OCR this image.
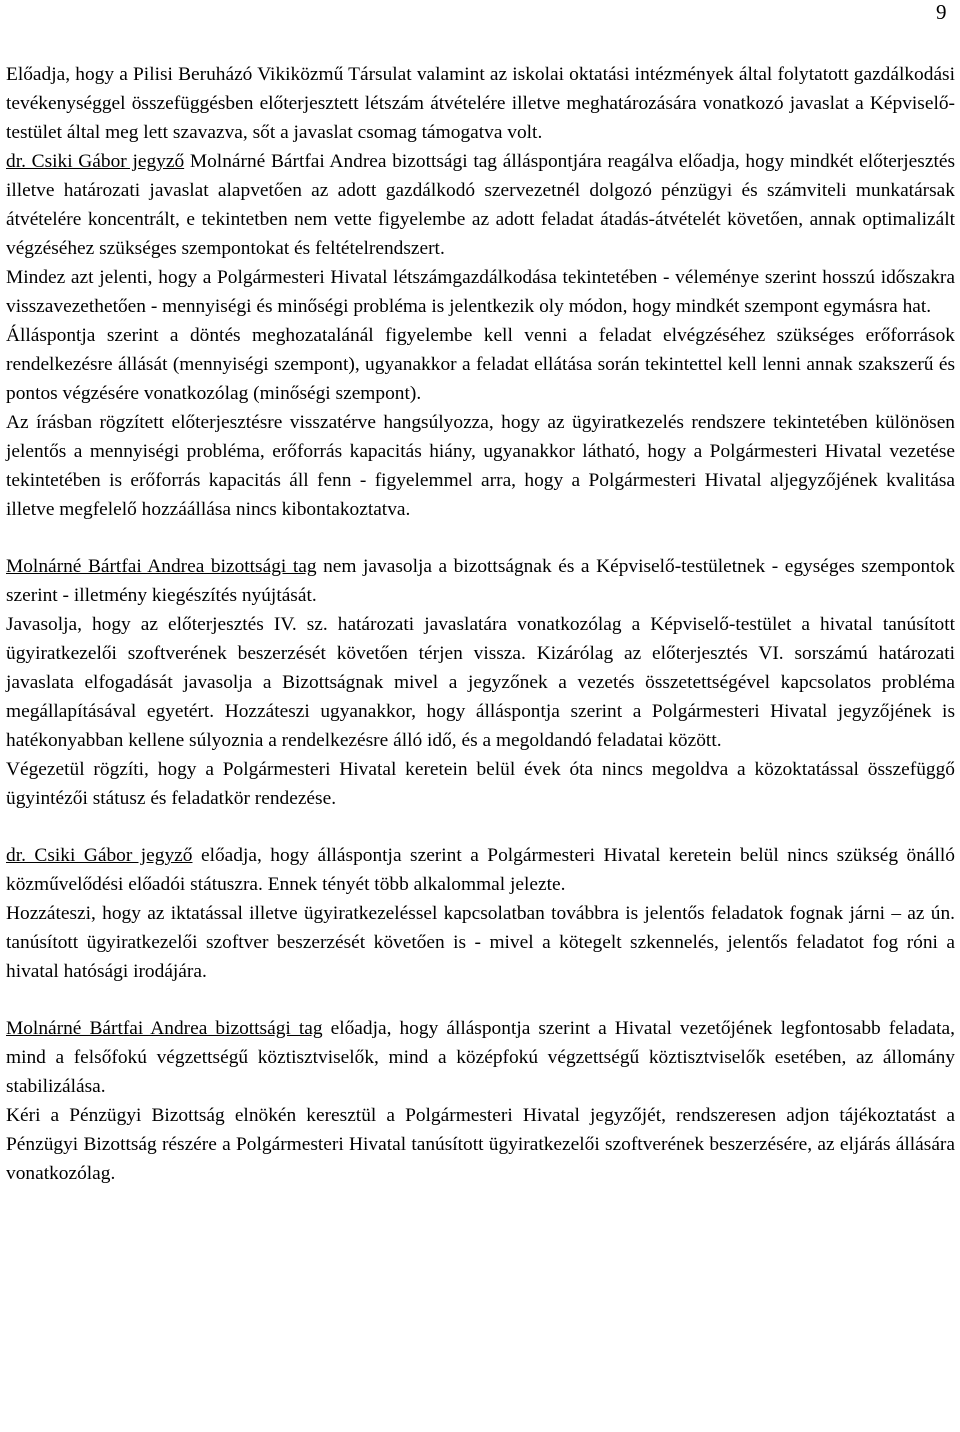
9

Előadja, hogy a Pilisi Beruházó Vikiközmű Társulat valamint az iskolai oktatási intézmények által folytatott gazdálkodási tevékenységgel összefüggésben előterjesztett létszám átvételére illetve meghatározására vonatkozó javaslat a Képviselő-testület által meg lett szavazva, sőt a javaslat csomag támogatva volt.

dr. Csiki Gábor jegyző Molnárné Bártfai Andrea bizottsági tag álláspontjára reagálva előadja, hogy mindkét előterjesztés illetve határozati javaslat alapvetően az adott gazdálkodó szervezetnél dolgozó pénzügyi és számviteli munkatársak átvételére koncentrált, e tekintetben nem vette figyelembe az adott feladat átadás-átvételét követően, annak optimalizált végzéséhez szükséges szempontokat és feltételrendszert.

Mindez azt jelenti, hogy a Polgármesteri Hivatal létszámgazdálkodása tekintetében - véleménye szerint hosszú időszakra visszavezethetően - mennyiségi és minőségi probléma is jelentkezik oly módon, hogy mindkét szempont egymásra hat.

Álláspontja szerint a döntés meghozatalánál figyelembe kell venni a feladat elvégzéséhez szükséges erőforrások rendelkezésre állását (mennyiségi szempont), ugyanakkor a feladat ellátása során tekintettel kell lenni annak szakszerű és pontos végzésére vonatkozólag (minőségi szempont).

Az írásban rögzített előterjesztésre visszatérve hangsúlyozza, hogy az ügyiratkezelés rendszere tekintetében különösen jelentős a mennyiségi probléma, erőforrás kapacitás hiány, ugyanakkor látható, hogy a Polgármesteri Hivatal vezetése tekintetében is erőforrás kapacitás áll fenn - figyelemmel arra, hogy a Polgármesteri Hivatal aljegyzőjének kvalitása illetve megfelelő hozzáállása nincs kibontakoztatva.

Molnárné Bártfai Andrea bizottsági tag nem javasolja a bizottságnak és a Képviselő-testületnek - egységes szempontok szerint - illetmény kiegészítés nyújtását.

Javasolja, hogy az előterjesztés IV. sz. határozati javaslatára vonatkozólag a Képviselő-testület a hivatal tanúsított ügyiratkezelői szoftverének beszerzését követően térjen vissza. Kizárólag az előterjesztés VI. sorszámú határozati javaslata elfogadását javasolja a Bizottságnak mivel a jegyzőnek a vezetés összetettségével kapcsolatos probléma megállapításával egyetért. Hozzáteszi ugyanakkor, hogy álláspontja szerint a Polgármesteri Hivatal jegyzőjének is hatékonyabban kellene súlyoznia a rendelkezésre álló idő, és a megoldandó feladatai között.

Végezetül rögzíti, hogy a Polgármesteri Hivatal keretein belül évek óta nincs megoldva a közoktatással összefüggő ügyintézői státusz és feladatkör rendezése.

dr. Csiki Gábor jegyző előadja, hogy álláspontja szerint a Polgármesteri Hivatal keretein belül nincs szükség önálló közművelődési előadói státuszra. Ennek tényét több alkalommal jelezte.

Hozzáteszi, hogy az iktatással illetve ügyiratkezeléssel kapcsolatban továbbra is jelentős feladatok fognak járni – az ún. tanúsított ügyiratkezelői szoftver beszerzését követően is - mivel a kötegelt szkennelés, jelentős feladatot fog róni a hivatal hatósági irodájára.

Molnárné Bártfai Andrea bizottsági tag előadja, hogy álláspontja szerint a Hivatal vezetőjének legfontosabb feladata, mind a felsőfokú végzettségű köztisztviselők, mind a középfokú végzettségű köztisztviselők esetében, az állomány stabilizálása.

Kéri a Pénzügyi Bizottság elnökén keresztül a Polgármesteri Hivatal jegyzőjét, rendszeresen adjon tájékoztatást a Pénzügyi Bizottság részére a Polgármesteri Hivatal tanúsított ügyiratkezelői szoftverének beszerzésére, az eljárás állására vonatkozólag.
